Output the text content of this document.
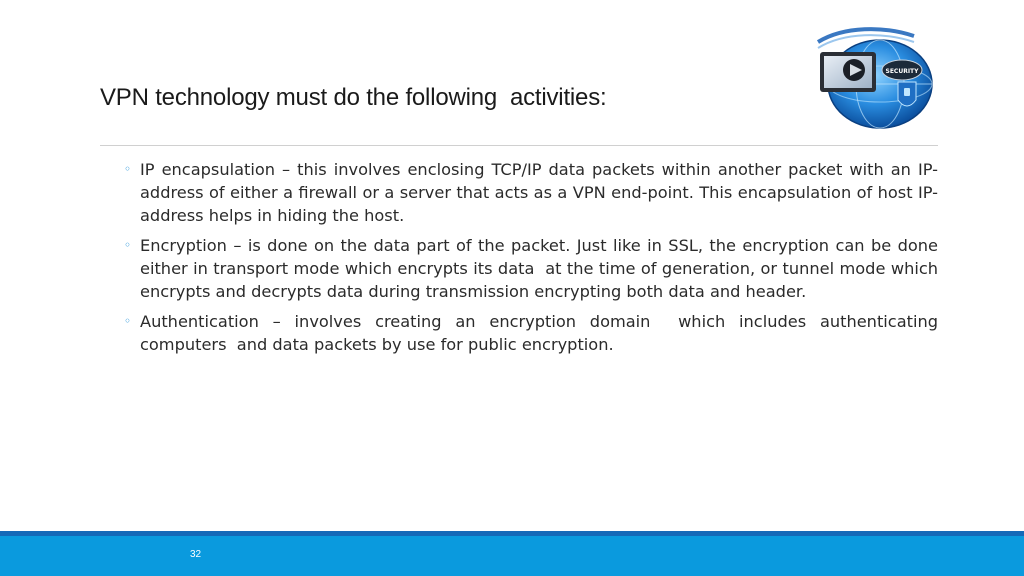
VPN technology must do the following  activities:
SECURITY
◦ IP encapsulation – this involves enclosing TCP/IP data packets within another packet with an IP-address of either a firewall or a server that acts as a VPN end-point. This encapsulation of host IP-address helps in hiding the host.
◦ Encryption – is done on the data part of the packet. Just like in SSL, the encryption can be done either in transport mode which encrypts its data  at the time of generation, or tunnel mode which encrypts and decrypts data during transmission encrypting both data and header.
◦ Authentication – involves creating an encryption domain  which includes authenticating computers  and data packets by use for public encryption.
32
